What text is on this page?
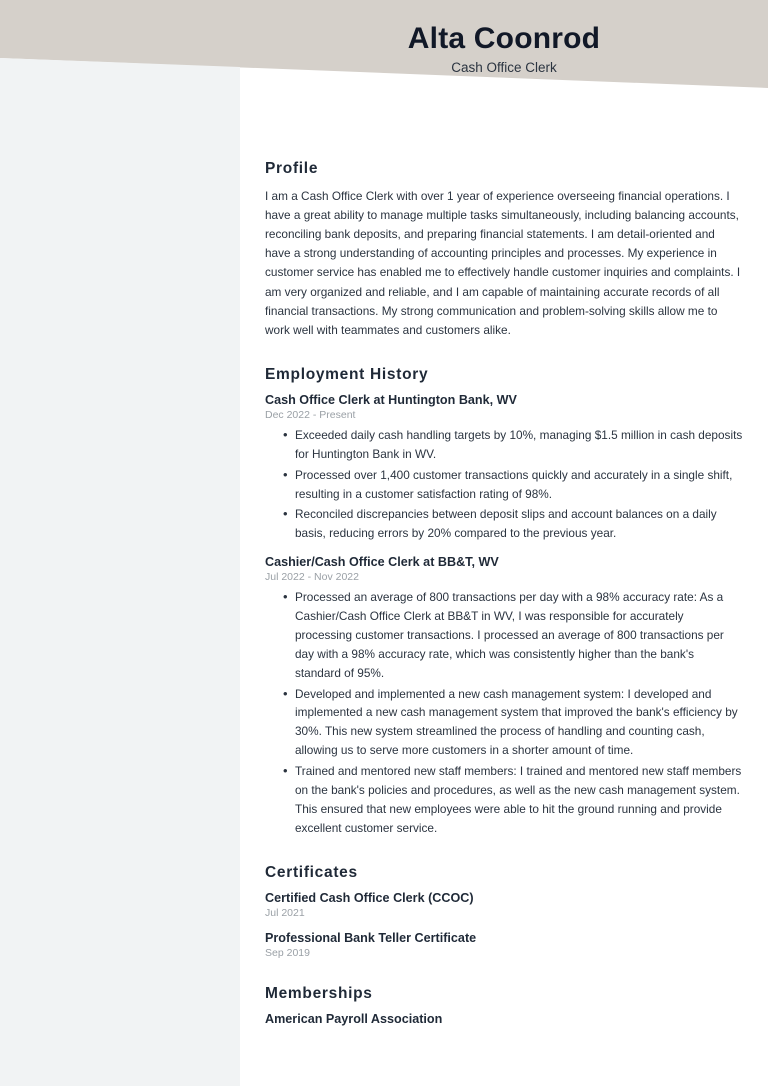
Alta Coonrod
Cash Office Clerk
Profile
I am a Cash Office Clerk with over 1 year of experience overseeing financial operations. I have a great ability to manage multiple tasks simultaneously, including balancing accounts, reconciling bank deposits, and preparing financial statements. I am detail-oriented and have a strong understanding of accounting principles and processes. My experience in customer service has enabled me to effectively handle customer inquiries and complaints. I am very organized and reliable, and I am capable of maintaining accurate records of all financial transactions. My strong communication and problem-solving skills allow me to work well with teammates and customers alike.
Employment History
Cash Office Clerk at Huntington Bank, WV
Dec 2022 - Present
• Exceeded daily cash handling targets by 10%, managing $1.5 million in cash deposits for Huntington Bank in WV.
• Processed over 1,400 customer transactions quickly and accurately in a single shift, resulting in a customer satisfaction rating of 98%.
• Reconciled discrepancies between deposit slips and account balances on a daily basis, reducing errors by 20% compared to the previous year.
Cashier/Cash Office Clerk at BB&T, WV
Jul 2022 - Nov 2022
• Processed an average of 800 transactions per day with a 98% accuracy rate: As a Cashier/Cash Office Clerk at BB&T in WV, I was responsible for accurately processing customer transactions. I processed an average of 800 transactions per day with a 98% accuracy rate, which was consistently higher than the bank's standard of 95%.
• Developed and implemented a new cash management system: I developed and implemented a new cash management system that improved the bank's efficiency by 30%. This new system streamlined the process of handling and counting cash, allowing us to serve more customers in a shorter amount of time.
• Trained and mentored new staff members: I trained and mentored new staff members on the bank's policies and procedures, as well as the new cash management system. This ensured that new employees were able to hit the ground running and provide excellent customer service.
Certificates
Certified Cash Office Clerk (CCOC)
Jul 2021
Professional Bank Teller Certificate
Sep 2019
Memberships
American Payroll Association
